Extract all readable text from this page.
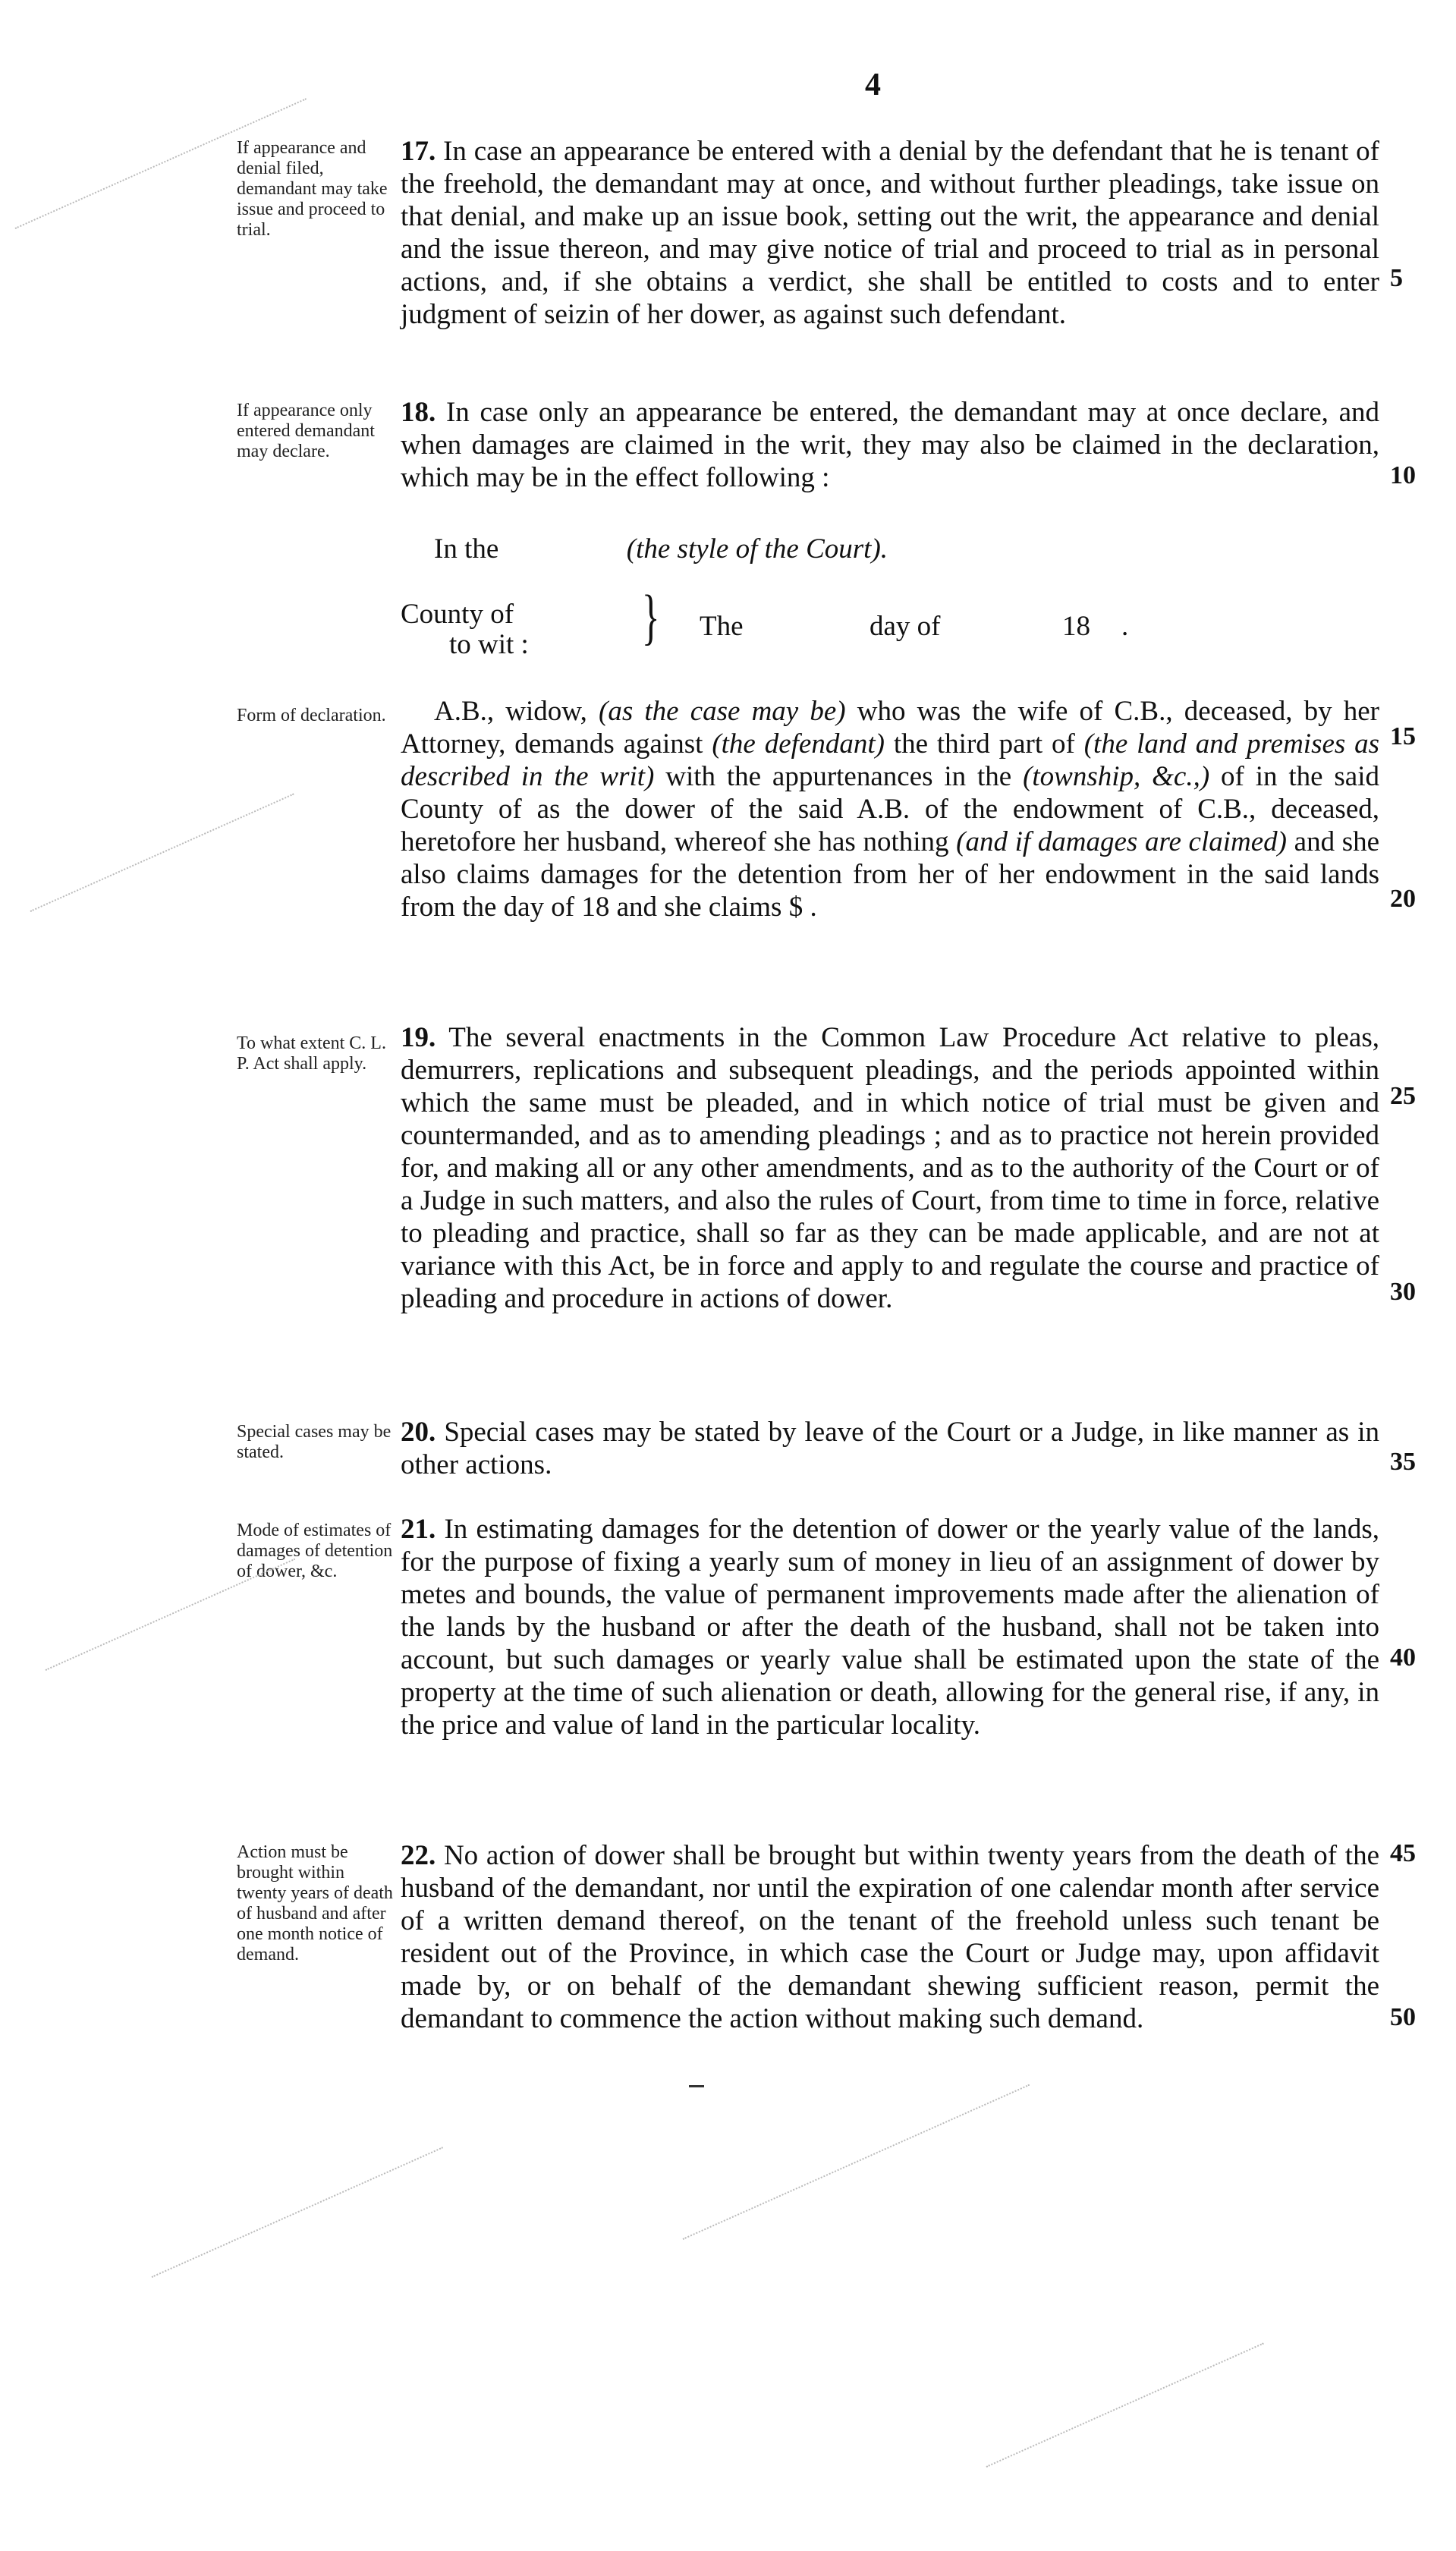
4
If appearance and denial filed, demandant may take issue and proceed to trial.
17. In case an appearance be entered with a denial by the defendant that he is tenant of the freehold, the demandant may at once, and without further pleadings, take issue on that denial, and make up an issue book, setting out the writ, the appearance and denial and the issue thereon, and may give notice of trial and proceed to trial as in personal actions, and, if she obtains a verdict, she shall be entitled to costs and to enter judgment of seizin of her dower, as against such defendant.
If appearance only entered demandant may declare.
18. In case only an appearance be entered, the demandant may at once declare, and when damages are claimed in the writ, they may also be claimed in the declaration, which may be in the effect following :
In the	(the style of the Court).
County of
to wit : } The	day of	18 .
Form of declaration.	A.B., widow, (as the case may be) who was the wife of C.B., deceased, by her Attorney, demands against (the defendant) the third part of (the land and premises as described in the writ) with the appurtenances in the (township, &c.,) of in the said County of as the dower of the said A.B. of the endowment of C.B., deceased, heretofore her husband, whereof she has nothing (and if damages are claimed) and she also claims damages for the detention from her of her endowment in the said lands from the day of 18 and she claims $ .
To what extent C. L. P. Act shall apply.
19. The several enactments in the Common Law Procedure Act relative to pleas, demurrers, replications and subsequent pleadings, and the periods appointed within which the same must be pleaded, and in which notice of trial must be given and countermanded, and as to amending pleadings ; and as to practice not herein provided for, and making all or any other amendments, and as to the authority of the Court or of a Judge in such matters, and also the rules of Court, from time to time in force, relative to pleading and practice, shall so far as they can be made applicable, and are not at variance with this Act, be in force and apply to and regulate the course and practice of pleading and procedure in actions of dower.
Special cases may be stated.
20. Special cases may be stated by leave of the Court or a Judge, in like manner as in other actions.
Mode of estimates of damages of detention of dower, &c.
21. In estimating damages for the detention of dower or the yearly value of the lands, for the purpose of fixing a yearly sum of money in lieu of an assignment of dower by metes and bounds, the value of permanent improvements made after the alienation of the lands by the husband or after the death of the husband, shall not be taken into account, but such damages or yearly value shall be estimated upon the state of the property at the time of such alienation or death, allowing for the general rise, if any, in the price and value of land in the particular locality.
Action must be brought within twenty years of death of husband and after one month notice of demand.
22. No action of dower shall be brought but within twenty years from the death of the husband of the demandant, nor until the expiration of one calendar month after service of a written demand thereof, on the tenant of the freehold unless such tenant be resident out of the Province, in which case the Court or Judge may, upon affidavit made by, or on behalf of the demandant shewing sufficient reason, permit the demandant to commence the action without making such demand.
5
10
15
20
25
30
35
40
45
50
